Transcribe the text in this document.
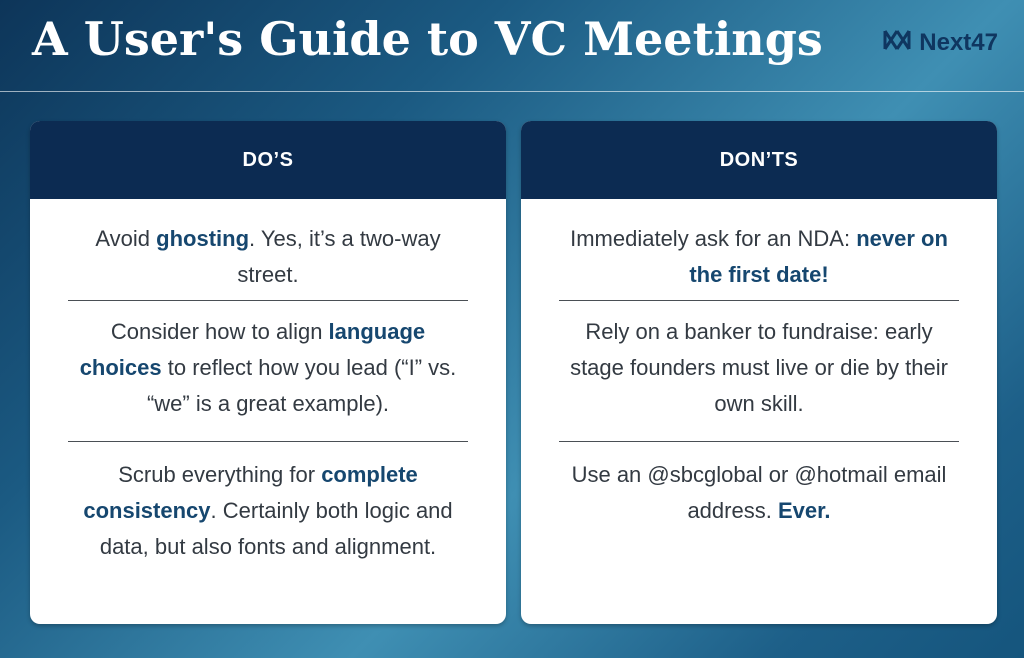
A User's Guide to VC Meetings	Next47
DO’S
Avoid ghosting. Yes, it’s a two-way street.
Consider how to align language choices to reflect how you lead (“I” vs. “we” is a great example).
Scrub everything for complete consistency. Certainly both logic and data, but also fonts and alignment.
DON’TS
Immediately ask for an NDA: never on the first date!
Rely on a banker to fundraise: early stage founders must live or die by their own skill.
Use an @sbcglobal or @hotmail email address. Ever.
